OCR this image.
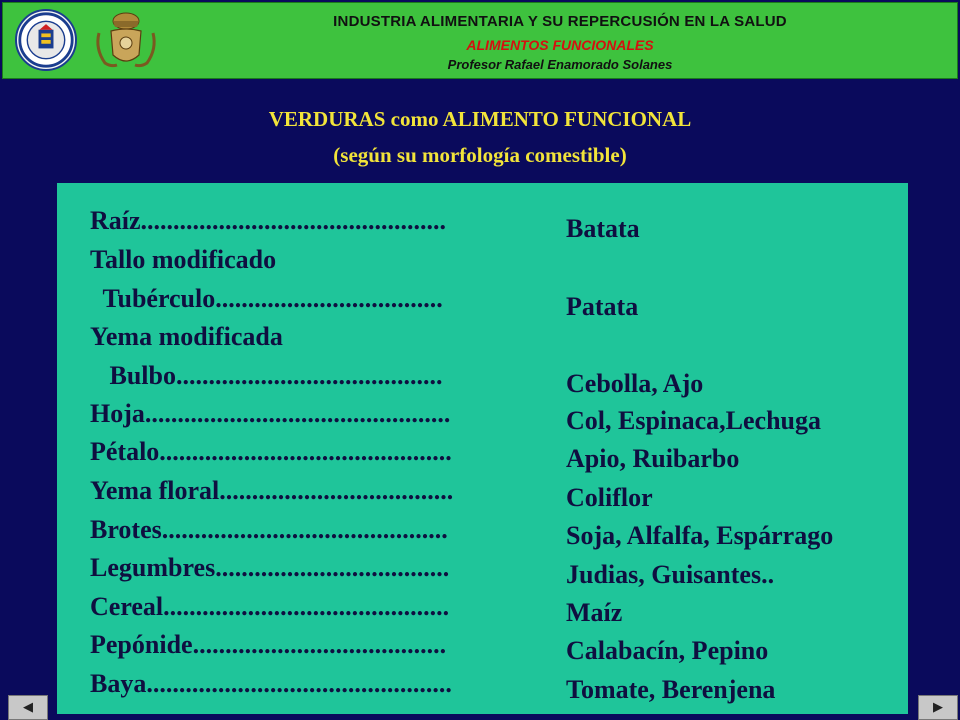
INDUSTRIA ALIMENTARIA Y SU REPERCUSIÓN EN LA SALUD
ALIMENTOS FUNCIONALES
Profesor Rafael Enamorado Solanes
VERDURAS como ALIMENTO FUNCIONAL
(según su morfología comestible)
Raíz...............................................
Tallo modificado
Tubérculo...................................
Yema modificada
Bulbo.........................................
Hoja...............................................
Pétalo.............................................
Yema floral....................................
Brotes............................................
Legumbres....................................
Cereal............................................
Pepónide.......................................
Baya...............................................
Batata
Patata
Cebolla, Ajo
Col, Espinaca,Lechuga
Apio, Ruibarbo
Coliflor
Soja, Alfalfa, Espárrago
Judias, Guisantes..
Maíz
Calabacín, Pepino
Tomate, Berenjena
◀	▶
